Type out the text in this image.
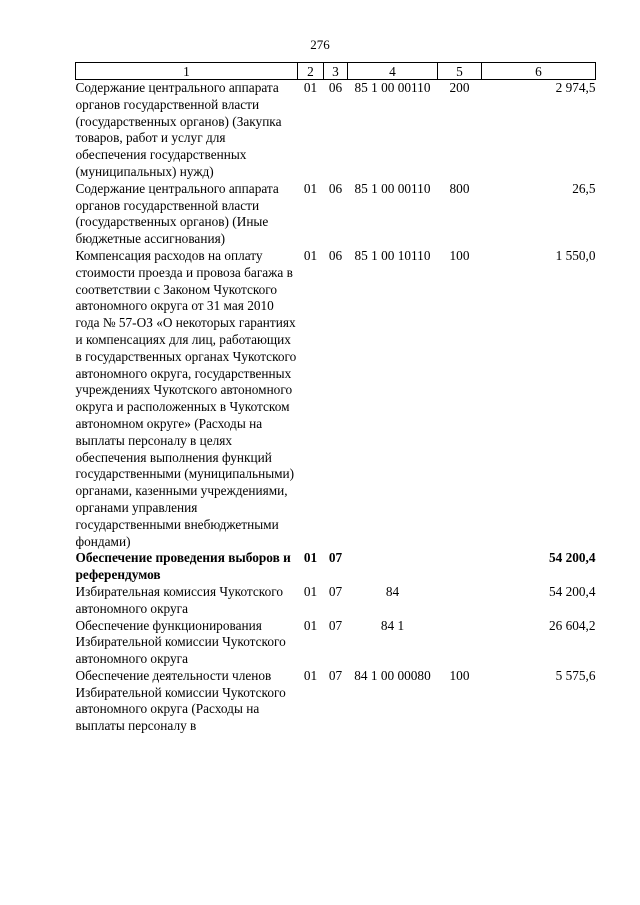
276
1	2	3	4	5	6
Содержание центрального аппарата органов государственной власти (государственных органов) (Закупка товаров, работ и услуг для обеспечения государственных (муниципальных) нужд)	01	06	85 1 00 00110	200	2 974,5
Содержание центрального аппарата органов государственной власти (государственных органов) (Иные бюджетные ассигнования)	01	06	85 1 00 00110	800	26,5
Компенсация расходов на оплату стоимости проезда и провоза багажа в соответствии с Законом Чукотского автономного округа от 31 мая 2010 года № 57-ОЗ «О некоторых гарантиях и компенсациях для лиц, работающих в государственных органах Чукотского автономного округа, государственных учреждениях Чукотского автономного округа и расположенных в Чукотском автономном округе» (Расходы на выплаты персоналу в целях обеспечения выполнения функций государственными (муниципальными) органами, казенными учреждениями, органами управления государственными внебюджетными фондами)	01	06	85 1 00 10110	100	1 550,0
Обеспечение проведения выборов и референдумов	01	07			54 200,4
Избирательная комиссия Чукотского автономного округа	01	07	84		54 200,4
Обеспечение функционирования Избирательной комиссии Чукотского автономного округа	01	07	84 1		26 604,2
Обеспечение деятельности членов Избирательной комиссии Чукотского автономного округа (Расходы на выплаты персоналу в	01	07	84 1 00 00080	100	5 575,6
